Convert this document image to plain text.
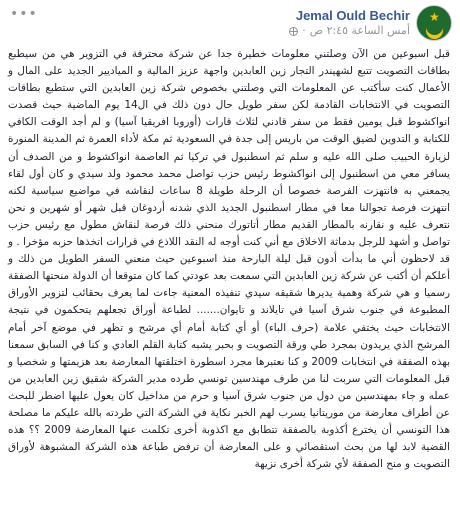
•••	★
Jemal Ould Bechir
· أمس الساعة ٢:٤٥ ص
قبل اسبوعين من الآن وصلتني معلومات خطيرة جدا عن شركة محترفة في التزوير هي من سيطبع بطاقات التصويت تتبع لشهيندر التجار زين العابدين واجهة عزيز المالية و المياديير الجديد على المال و الأعمال كنت سأكتب عن المعلومات التي وصلتني بخصوص شركة زين العابدين التي ستطبع بطاقات التصويت في الانتخابات القادمة لكن سفر طويل حال دون ذلك في ال14 يوم الماضية حيث قصدت انواكشوط قبل يومين فقط من سفر قادني لثلاث قارات (أوروبا افريقيا آسيا) و لم أجد الوقت الكافي للكتابة و التدوين لضيق الوقت من باريس إلى جدة في السعودية ثم مكة لأداء العمرة ثم المدينة المنورة لزيارة الحبيب صلى الله عليه و سلم ثم اسطنبول في تركيا ثم العاصمة انواكشوط و من الصدف أن يسافر معي من اسطنبول إلى انواكشوط رئيس حزب تواصل محمد محمود ولد سيدي و كان أول لقاء يجمعني به فانتهزت الفرصة خصوصا أن الرحلة طويلة 8 ساعات لنقاشه في مواضيع سياسية لكنه انتهزت فرصة تجوالنا معا في مطار اسطنبول الجديد الذي شدنه أردوغان قبل شهر أو شهرين و نحن نتعرف عليه و نقارنه بالمطار القديم مطار أتاتورك منحني ذلك فرصة لنقاش مطول مع رئيس حزب تواصل و أشهد للرجل بدماثة الاخلاق مع أني كنت أوجه له النقد اللاذع في قرارات اتخذها حزبه مؤخرا . و قد لاحظون أني ما بدأت أدون قبل ليلة البارحة منذ اسبوعين حيث منعني السفر الطويل من ذلك و أعلكم أن أكتب عن شركة زين العابدين التي سمعت بعد عودتي كما كان متوقعا أن الدولة منحتها الصفقة رسميا و هي شركة وهمية يديرها شقيقه سيدي تنفيذه المعنية جاءت لما يعرف بحقائب لتزوير الأوراق المطبوعة في جنوب شرق آسيا في تايلاند و تايوان....... لطباعة أوراق تجعلهم يتحكمون في نتيجة الانتخابات حيث يختفي علامة (حرف الباء) أو أي كتابة أمام أي مرشح و تظهر في موضع آخر أمام المرشح الذي يريدون بمجرد طي ورقة التصويت و بحبر يشبه كتابة القلم العادي و كنا في السابق سمعنا بهذه الصفقة في انتخابات 2009 و كنا نعتبرها مجرد اسطورة اختلقتها المعارضة بعد هزيمتها و شخصيا و قبل المعلومات التي سربت لنا من طرف مهندسين تونسي طرده مدير الشركة شقيق زين العابدين من عمله و جاء بمهندسين من دول من جنوب شرق آسيا و حرم من مداخيل كان يعول عليها اضطر للبحث عن أطراف معارضة من موريتانيا يسرب لهم الخبر نكاية في الشركة التي طردته بالله عليكم ما مصلحة هذا التونسي أن يخترع أكذوبة بالصفقة تتطابق مع اكذوبة أخرى تكلمت عنها المعارضة 2009 ؟؟ هذه القضية لابد لها من بحث استقصائي و على المعارضة أن ترفض طباعة هذه الشركة المشبوهة لأوراق التصويت و منح الصفقة لأي شركة أخرى نزيهة
